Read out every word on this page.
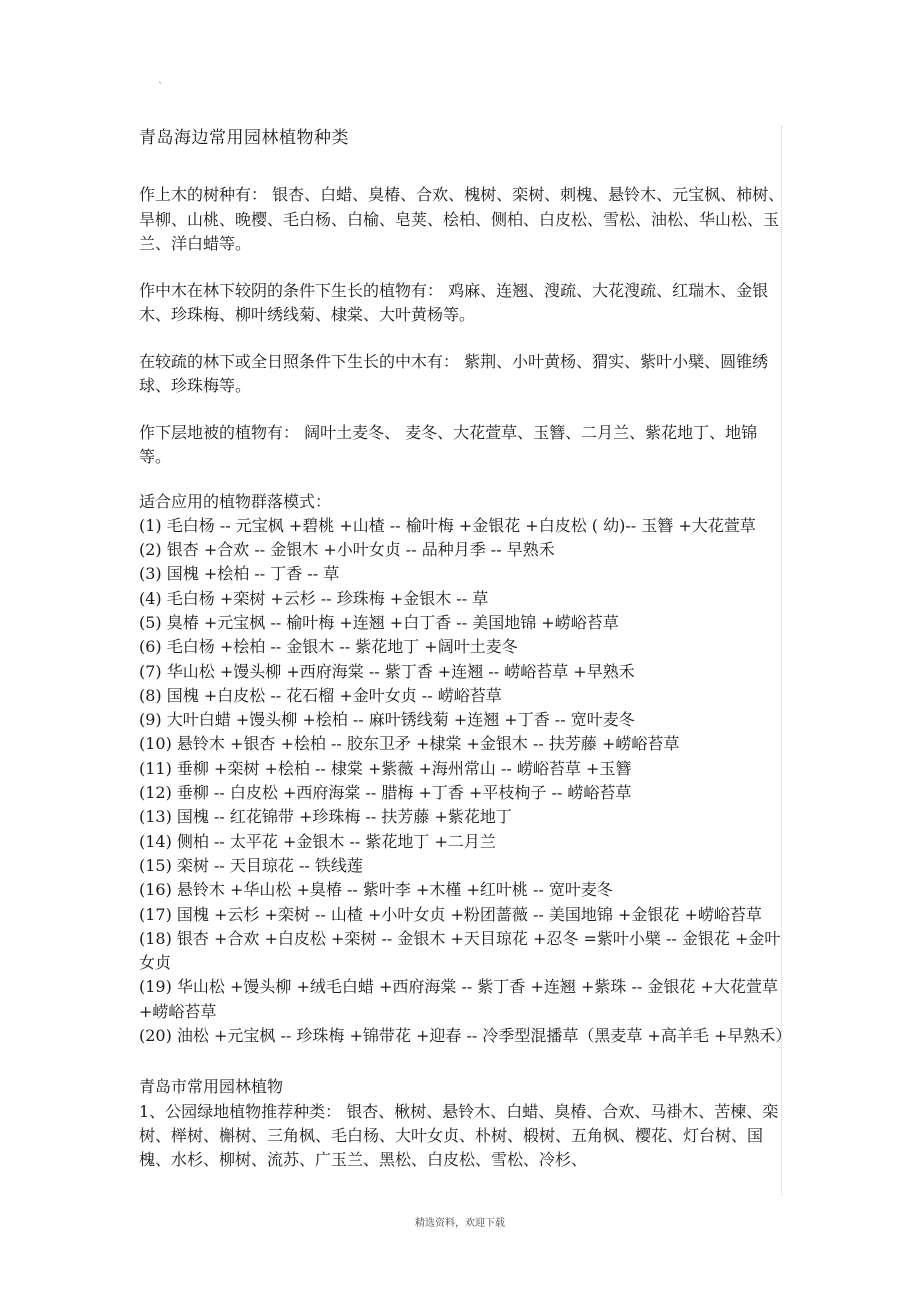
`
青岛海边常用园林植物种类

作上木的树种有： 银杏、白蜡、臭椿、合欢、槐树、栾树、刺槐、悬铃木、元宝枫、柿树、旱柳、山桃、晚樱、毛白杨、白榆、皂荚、桧柏、侧柏、白皮松、雪松、油松、华山松、玉兰、洋白蜡等。

作中木在林下较阴的条件下生长的植物有： 鸡麻、连翘、溲疏、大花溲疏、红瑞木、金银木、珍珠梅、柳叶绣线菊、棣棠、大叶黄杨等。

在较疏的林下或全日照条件下生长的中木有： 紫荆、小叶黄杨、猬实、紫叶小檗、圆锥绣球、珍珠梅等。

作下层地被的植物有： 阔叶土麦冬、 麦冬、大花萱草、玉簪、二月兰、紫花地丁、地锦等。

适合应用的植物群落模式：
(1) 毛白杨 -- 元宝枫 +碧桃 +山楂 -- 榆叶梅 +金银花 +白皮松 ( 幼)-- 玉簪 +大花萱草
(2) 银杏 +合欢 -- 金银木 +小叶女贞 -- 品种月季 -- 早熟禾
(3) 国槐 +桧柏 -- 丁香 -- 草
(4) 毛白杨 +栾树 +云杉 -- 珍珠梅 +金银木 -- 草
(5) 臭椿 +元宝枫 -- 榆叶梅 +连翘 +白丁香 -- 美国地锦 +崂峪苔草
(6) 毛白杨 +桧柏 -- 金银木 -- 紫花地丁 +阔叶土麦冬
(7) 华山松 +馒头柳 +西府海棠 -- 紫丁香 +连翘 -- 崂峪苔草 +早熟禾
(8) 国槐 +白皮松 -- 花石榴 +金叶女贞 -- 崂峪苔草
(9) 大叶白蜡 +馒头柳 +桧柏 -- 麻叶锈线菊 +连翘 +丁香 -- 宽叶麦冬
(10) 悬铃木 +银杏 +桧柏 -- 胶东卫矛 +棣棠 +金银木 -- 扶芳藤 +崂峪苔草
(11) 垂柳 +栾树 +桧柏 -- 棣棠 +紫薇 +海州常山 -- 崂峪苔草 +玉簪
(12) 垂柳 -- 白皮松 +西府海棠 -- 腊梅 +丁香 +平枝栒子 -- 崂峪苔草
(13) 国槐 -- 红花锦带 +珍珠梅 -- 扶芳藤 +紫花地丁
(14) 侧柏 -- 太平花 +金银木 -- 紫花地丁 +二月兰
(15) 栾树 -- 天目琼花 -- 铁线莲
(16) 悬铃木 +华山松 +臭椿 -- 紫叶李 +木槿 +红叶桃 -- 宽叶麦冬
(17) 国槐 +云杉 +栾树 -- 山楂 +小叶女贞 +粉团蔷薇 -- 美国地锦 +金银花 +崂峪苔草
(18) 银杏 +合欢 +白皮松 +栾树 -- 金银木 +天目琼花 +忍冬 =紫叶小檗 -- 金银花 +金叶女贞
(19) 华山松 +馒头柳 +绒毛白蜡 +西府海棠 -- 紫丁香 +连翘 +紫珠 -- 金银花 +大花萱草 +崂峪苔草
(20) 油松 +元宝枫 -- 珍珠梅 +锦带花 +迎春 -- 冷季型混播草（黑麦草 +高羊毛 +早熟禾）
青岛市常用园林植物
1、公园绿地植物推荐种类： 银杏、楸树、悬铃木、白蜡、臭椿、合欢、马褂木、苦楝、栾树、榉树、槲树、三角枫、毛白杨、大叶女贞、朴树、椴树、五角枫、樱花、灯台树、国槐、水杉、柳树、流苏、广玉兰、黑松、白皮松、雪松、冷杉、
精选资料，欢迎下载
